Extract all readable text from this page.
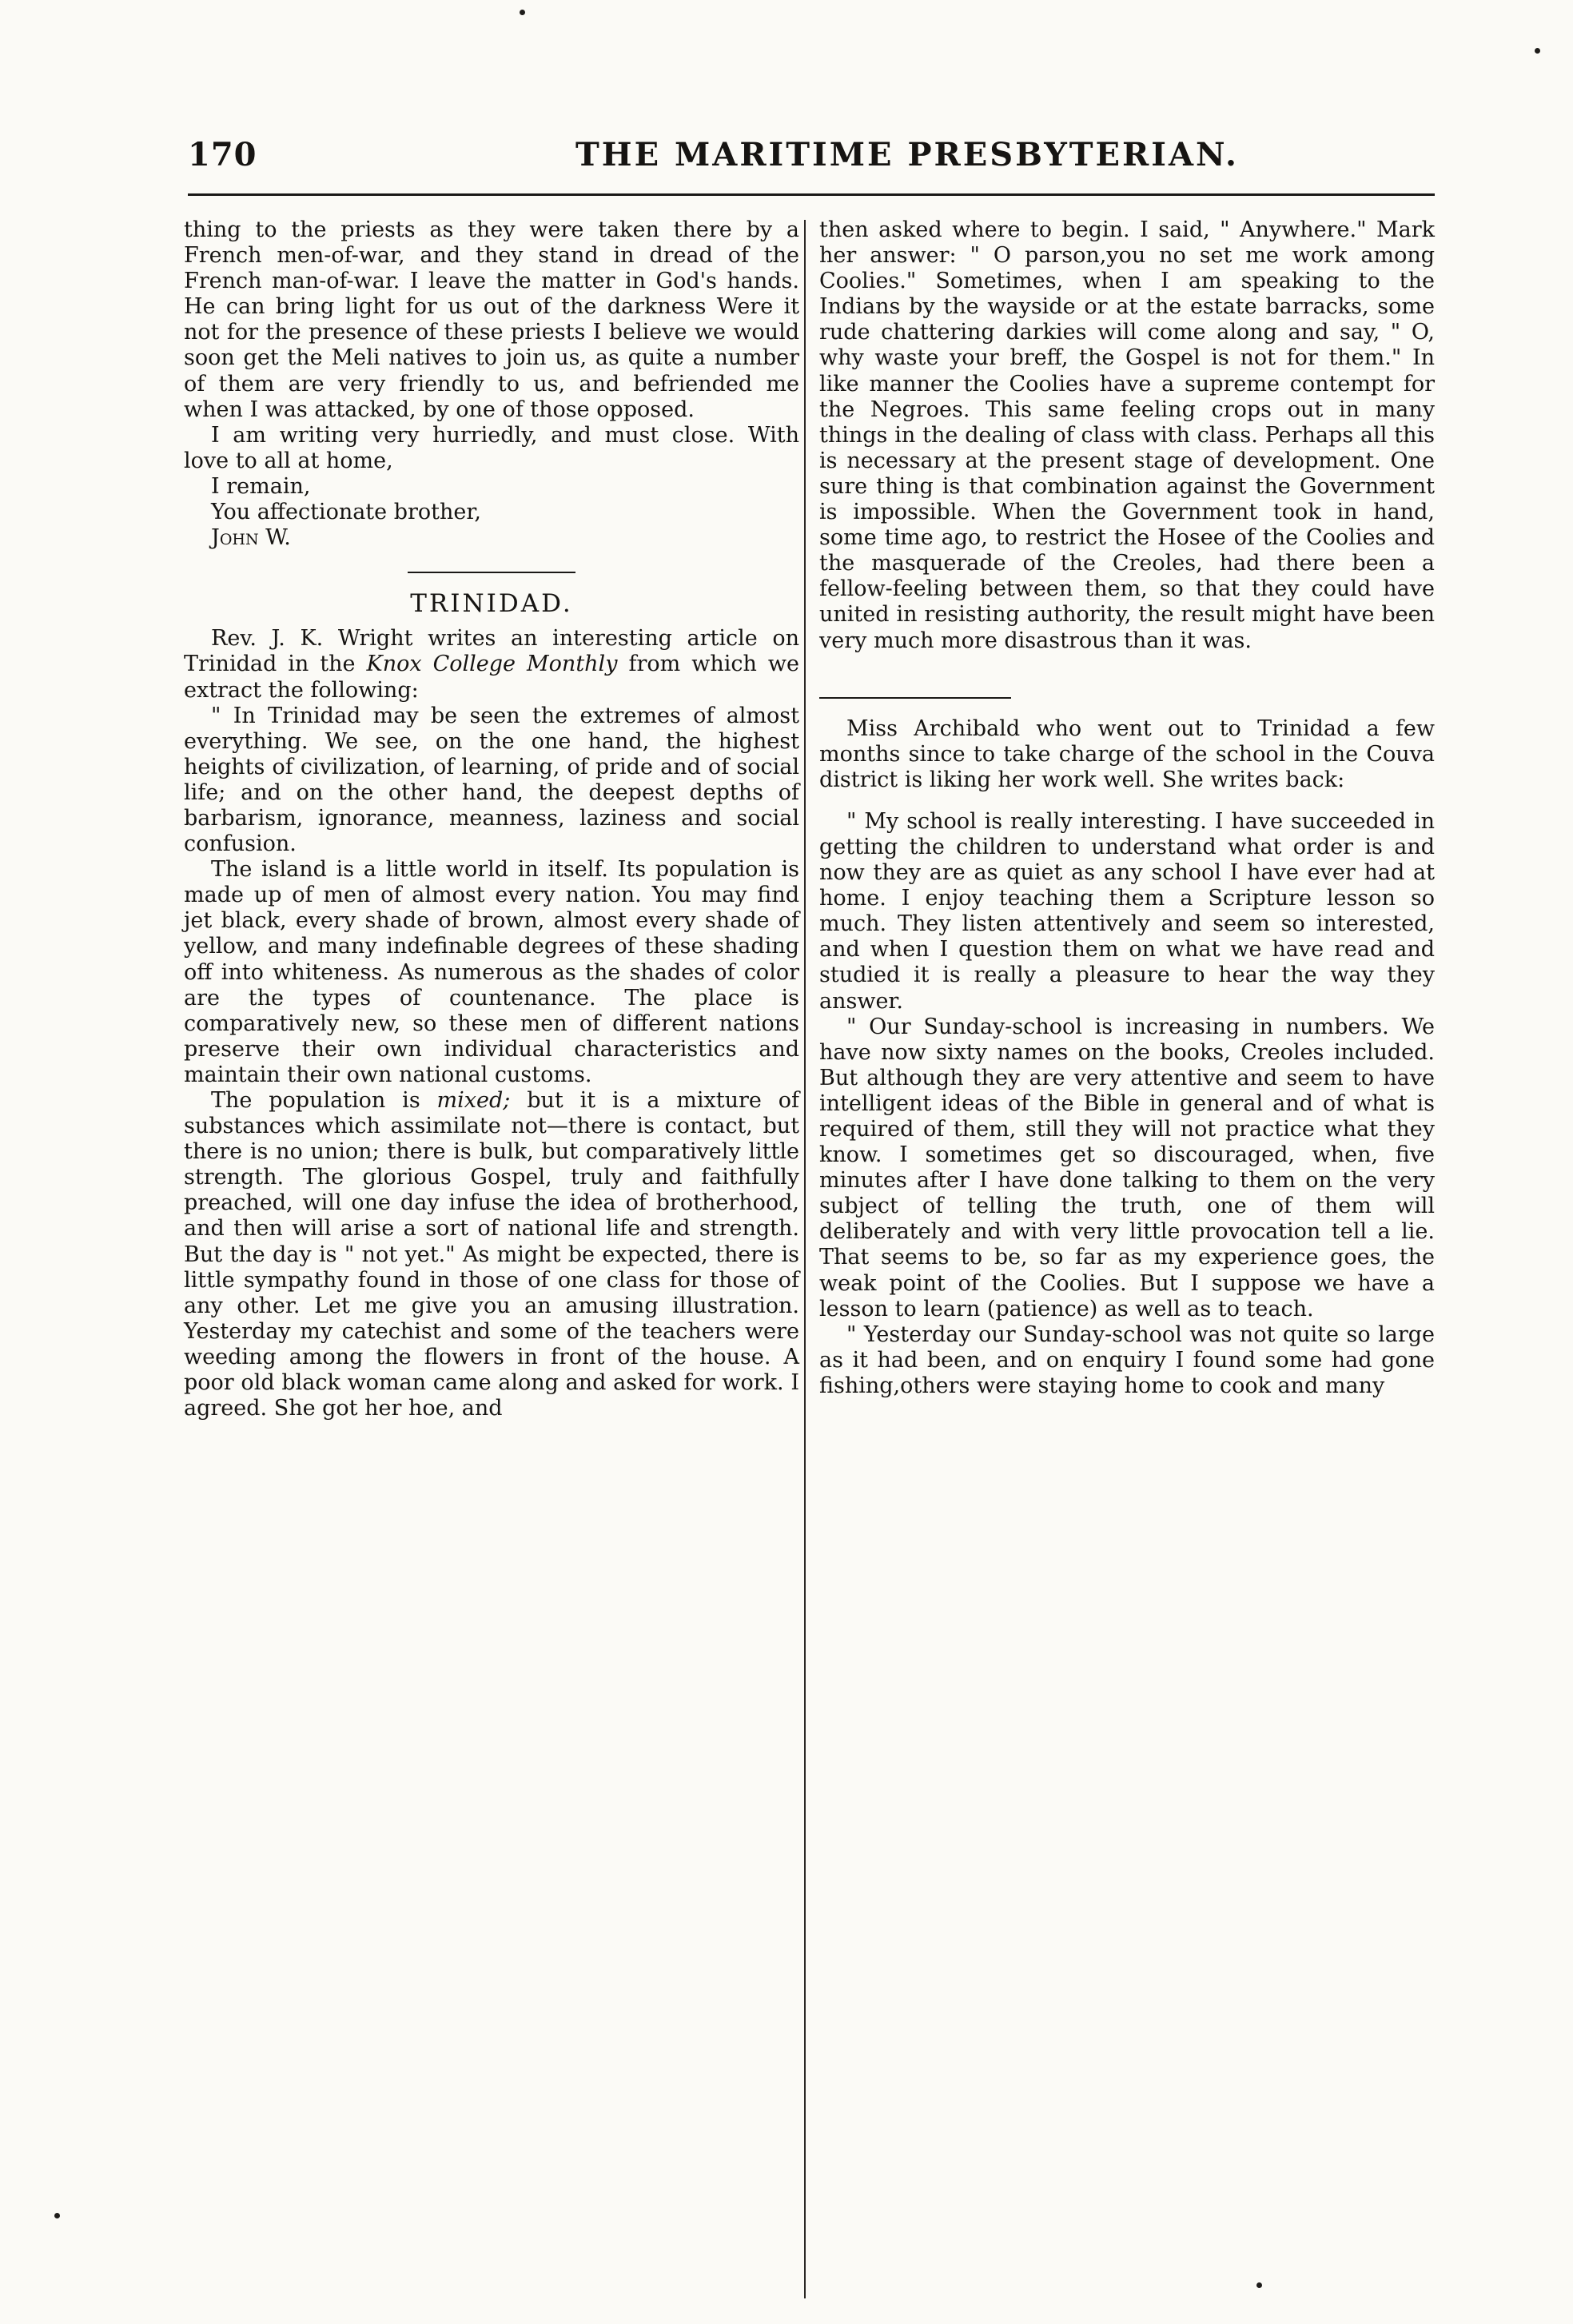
170	THE MARITIME PRESBYTERIAN.

thing to the priests as they were taken there by a French men-of-war, and they stand in dread of the French man-of-war. I leave the matter in God's hands. He can bring light for us out of the darkness Were it not for the presence of these priests I believe we would soon get the Meli natives to join us, as quite a number of them are very friendly to us, and befriended me when I was attacked, by one of those opposed.

I am writing very hurriedly, and must close. With love to all at home,

I remain,

You affectionate brother,

John W.

TRINIDAD.

Rev. J. K. Wright writes an interesting article on Trinidad in the Knox College Monthly from which we extract the following:

" In Trinidad may be seen the extremes of almost everything. We see, on the one hand, the highest heights of civilization, of learning, of pride and of social life; and on the other hand, the deepest depths of barbarism, ignorance, meanness, laziness and social confusion.

The island is a little world in itself. Its population is made up of men of almost every nation. You may find jet black, every shade of brown, almost every shade of yellow, and many indefinable degrees of these shading off into whiteness. As numerous as the shades of color are the types of countenance. The place is comparatively new, so these men of different nations preserve their own individual characteristics and maintain their own national customs.

The population is mixed; but it is a mixture of substances which assimilate not—there is contact, but there is no union; there is bulk, but comparatively little strength. The glorious Gospel, truly and faithfully preached, will one day infuse the idea of brotherhood, and then will arise a sort of national life and strength. But the day is " not yet." As might be expected, there is little sympathy found in those of one class for those of any other. Let me give you an amusing illustration. Yesterday my catechist and some of the teachers were weeding among the flowers in front of the house. A poor old black woman came along and asked for work. I agreed. She got her hoe, and

then asked where to begin. I said, " Anywhere." Mark her answer: " O parson,you no set me work among Coolies." Sometimes, when I am speaking to the Indians by the wayside or at the estate barracks, some rude chattering darkies will come along and say, " O, why waste your breff, the Gospel is not for them." In like manner the Coolies have a supreme contempt for the Negroes. This same feeling crops out in many things in the dealing of class with class. Perhaps all this is necessary at the present stage of development. One sure thing is that combination against the Government is impossible. When the Government took in hand, some time ago, to restrict the Hosee of the Coolies and the masquerade of the Creoles, had there been a fellow-feeling between them, so that they could have united in resisting authority, the result might have been very much more disastrous than it was.

Miss Archibald who went out to Trinidad a few months since to take charge of the school in the Couva district is liking her work well. She writes back:

" My school is really interesting. I have succeeded in getting the children to understand what order is and now they are as quiet as any school I have ever had at home. I enjoy teaching them a Scripture lesson so much. They listen attentively and seem so interested, and when I question them on what we have read and studied it is really a pleasure to hear the way they answer.

" Our Sunday-school is increasing in numbers. We have now sixty names on the books, Creoles included. But although they are very attentive and seem to have intelligent ideas of the Bible in general and of what is required of them, still they will not practice what they know. I sometimes get so discouraged, when, five minutes after I have done talking to them on the very subject of telling the truth, one of them will deliberately and with very little provocation tell a lie. That seems to be, so far as my experience goes, the weak point of the Coolies. But I suppose we have a lesson to learn (patience) as well as to teach.

" Yesterday our Sunday-school was not quite so large as it had been, and on enquiry I found some had gone fishing,others were staying home to cook and many
